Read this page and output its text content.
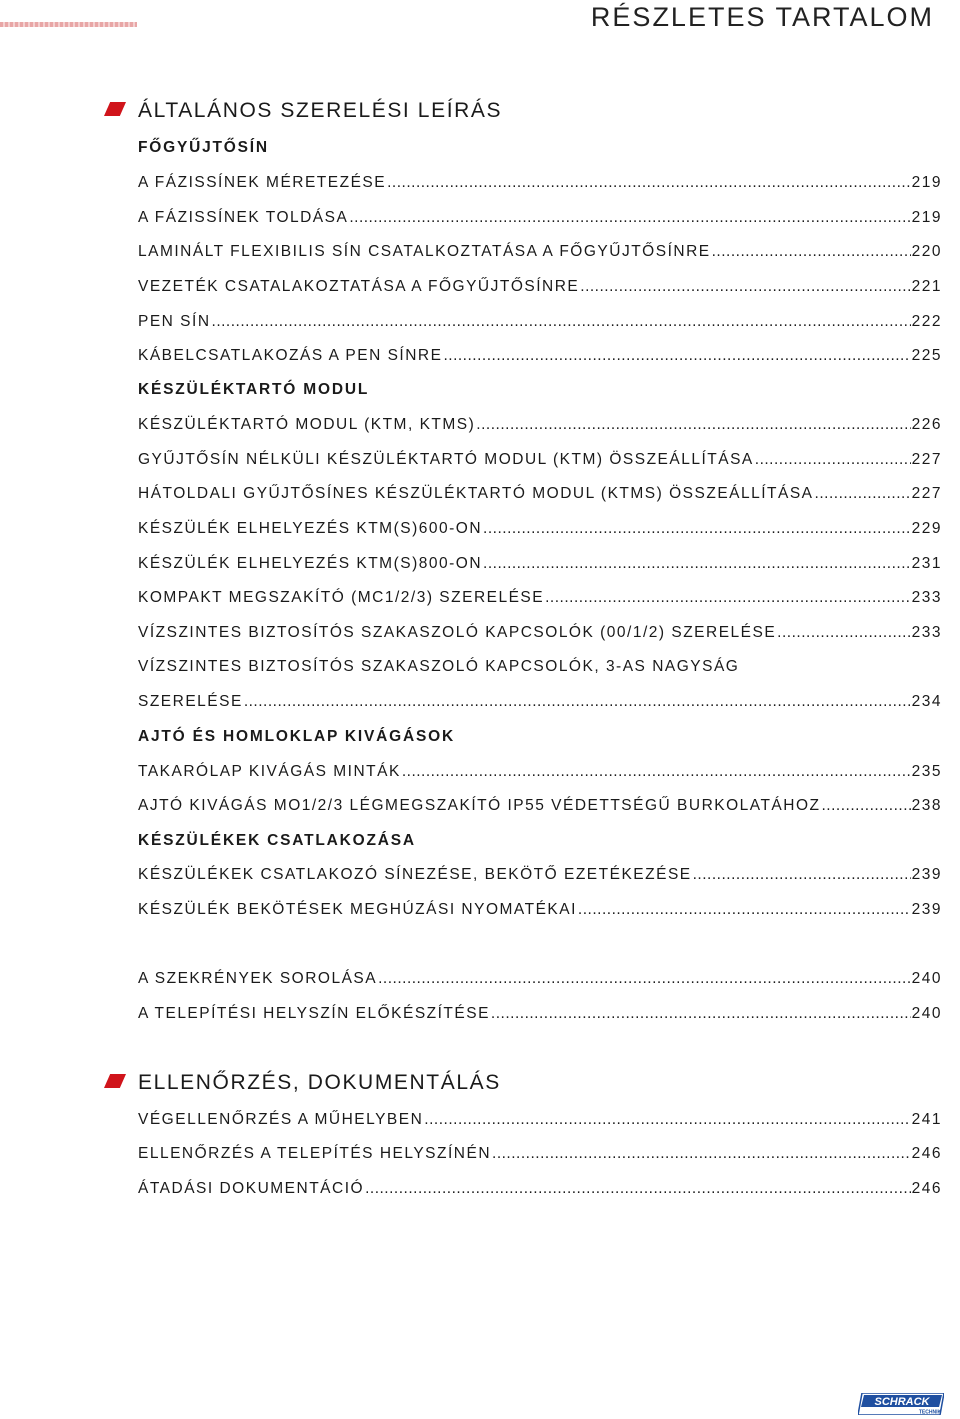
RÉSZLETES TARTALOM
ÁLTALÁNOS SZERELÉSI LEÍRÁS
FŐGYŰJTŐSÍN
A FÁZISSÍNEK MÉRETEZÉSE .....	219
A FÁZISSÍNEK TOLDÁSA .....	219
LAMINÁLT FLEXIBILIS SÍN CSATALKOZTATÁSA A FŐGYŰJTŐSÍNRE .....	220
VEZETÉK CSATALAKOZTATÁSA A FŐGYŰJTŐSÍNRE .....	221
PEN SÍN .....	222
KÁBELCSATLAKOZÁS A PEN SÍNRE .....	225
KÉSZÜLÉKTARTÓ MODUL
KÉSZÜLÉKTARTÓ MODUL (KTM, KTMS) .....	226
GYŰJTŐSÍN NÉLKÜLI KÉSZÜLÉKTARTÓ MODUL (KTM) ÖSSZEÁLLÍTÁSA .....	227
HÁTOLDALI GYŰJTŐSÍNES KÉSZÜLÉKTARTÓ MODUL (KTMS) ÖSSZEÁLLÍTÁSA .....	227
KÉSZÜLÉK ELHELYEZÉS KTM(S)600-ON .....	229
KÉSZÜLÉK ELHELYEZÉS KTM(S)800-ON .....	231
KOMPAKT MEGSZAKÍTÓ (MC1/2/3) SZERELÉSE .....	233
VÍZSZINTES BIZTOSÍTÓS SZAKASZOLÓ KAPCSOLÓK (00/1/2) SZERELÉSE .....	233
VÍZSZINTES BIZTOSÍTÓS SZAKASZOLÓ KAPCSOLÓK, 3-AS NAGYSÁG
SZERELÉSE .....	234
AJTÓ ÉS HOMLOKLAP KIVÁGÁSOK
TAKARÓLAP KIVÁGÁS MINTÁK .....	235
AJTÓ KIVÁGÁS MO1/2/3 LÉGMEGSZAKÍTÓ IP55 VÉDETTSÉGŰ BURKOLATÁHOZ .....	238
KÉSZÜLÉKEK CSATLAKOZÁSA
KÉSZÜLÉKEK CSATLAKOZÓ SÍNEZÉSE, BEKÖTŐ EZETÉKEZÉSE .....	239
KÉSZÜLÉK BEKÖTÉSEK MEGHÚZÁSI NYOMATÉKAI .....	239
A SZEKRÉNYEK SOROLÁSA .....	240
A TELEPÍTÉSI HELYSZÍN ELŐKÉSZÍTÉSE .....	240
ELLENŐRZÉS, DOKUMENTÁLÁS
VÉGELLENŐRZÉS A MŰHELYBEN .....	241
ELLENŐRZÉS A TELEPÍTÉS HELYSZÍNÉN .....	246
ÁTADÁSI DOKUMENTÁCIÓ .....	246
SCHRACK
TECHNIK
